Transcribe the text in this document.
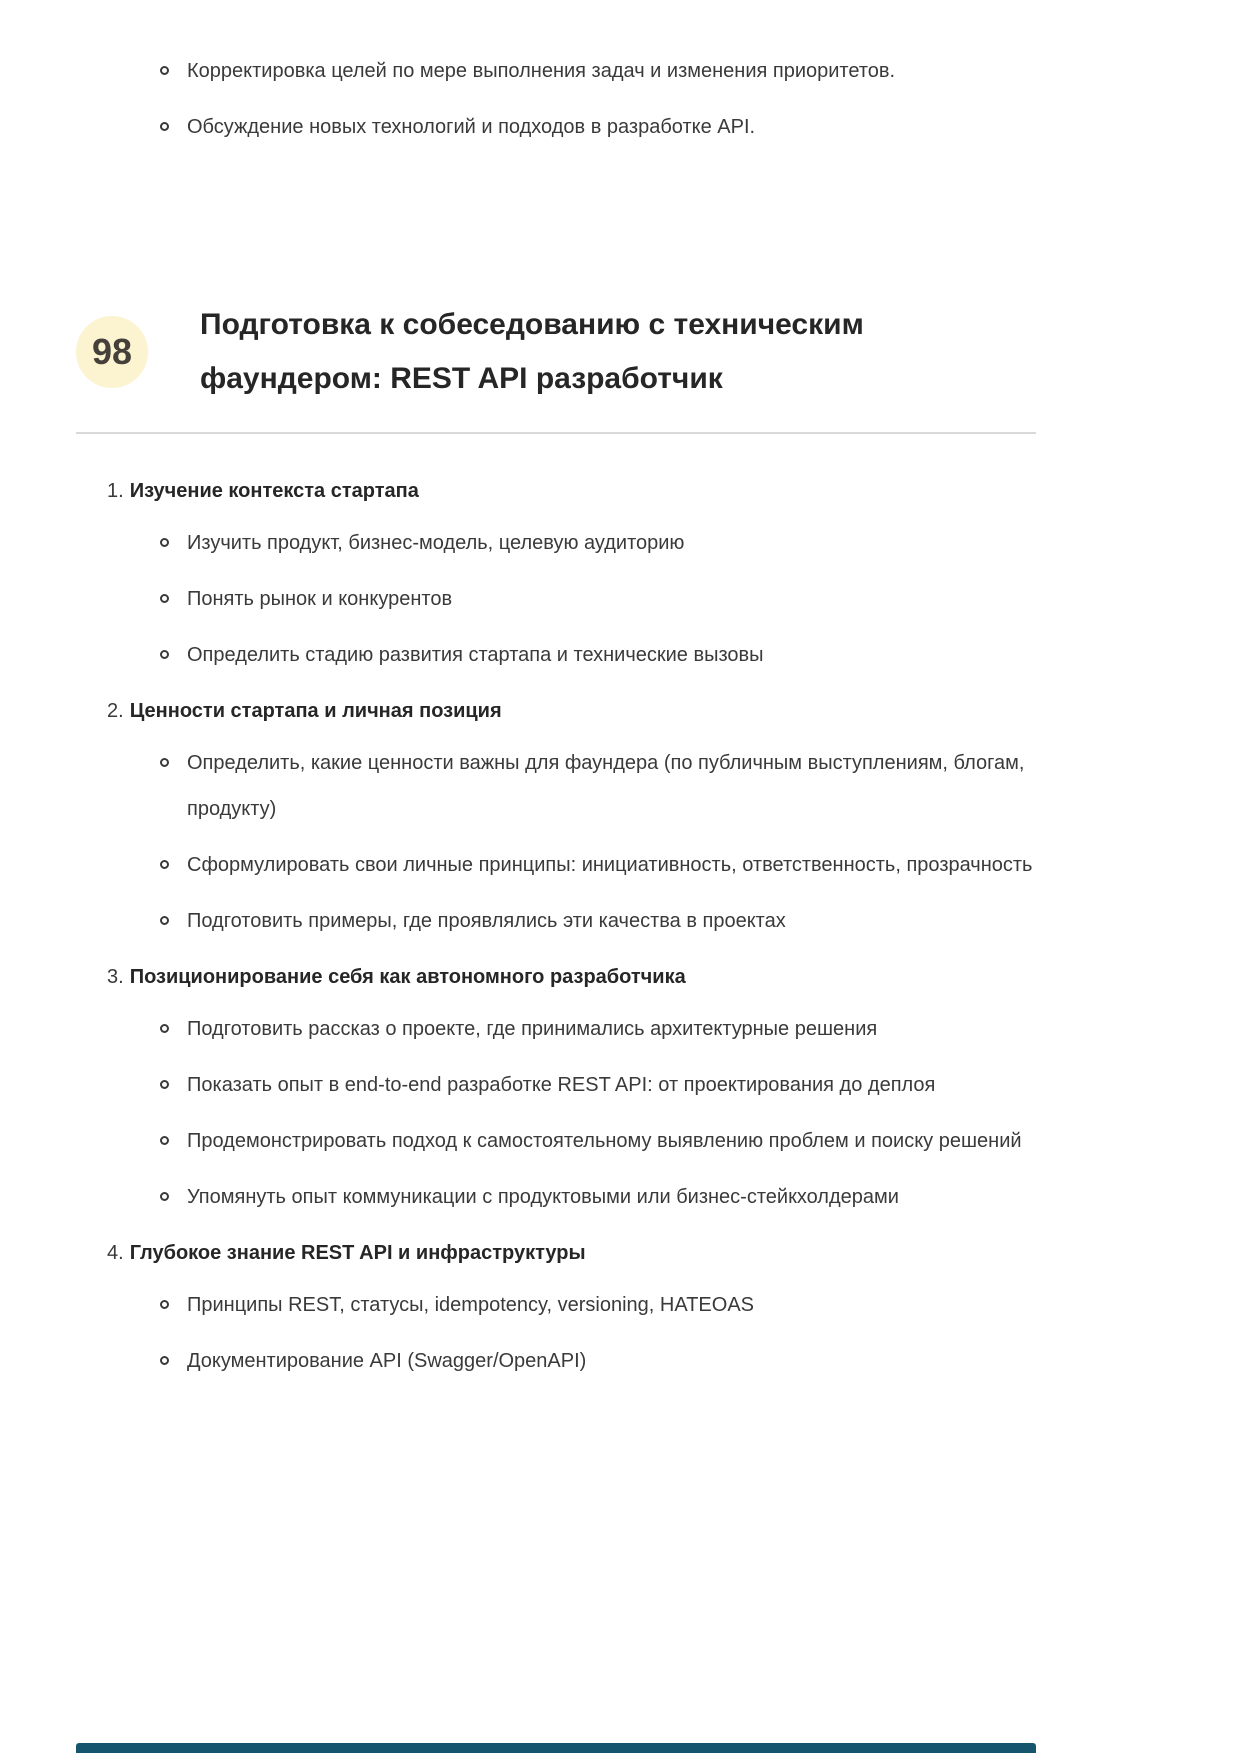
Корректировка целей по мере выполнения задач и изменения приоритетов.
Обсуждение новых технологий и подходов в разработке API.
98
Подготовка к собеседованию с техническим фаундером: REST API разработчик
1. Изучение контекста стартапа
Изучить продукт, бизнес-модель, целевую аудиторию
Понять рынок и конкурентов
Определить стадию развития стартапа и технические вызовы
2. Ценности стартапа и личная позиция
Определить, какие ценности важны для фаундера (по публичным выступлениям, блогам, продукту)
Сформулировать свои личные принципы: инициативность, ответственность, прозрачность
Подготовить примеры, где проявлялись эти качества в проектах
3. Позиционирование себя как автономного разработчика
Подготовить рассказ о проекте, где принимались архитектурные решения
Показать опыт в end-to-end разработке REST API: от проектирования до деплоя
Продемонстрировать подход к самостоятельному выявлению проблем и поиску решений
Упомянуть опыт коммуникации с продуктовыми или бизнес-стейкхолдерами
4. Глубокое знание REST API и инфраструктуры
Принципы REST, статусы, idempotency, versioning, HATEOAS
Документирование API (Swagger/OpenAPI)
